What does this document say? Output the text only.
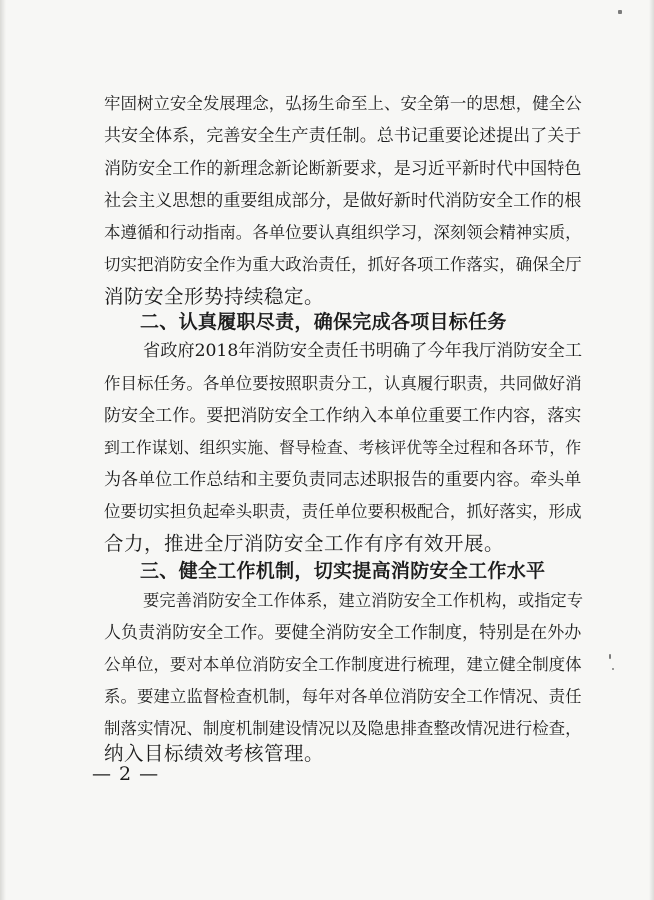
牢固树立安全发展理念，弘扬生命至上、安全第一的思想，健全公
共安全体系，完善安全生产责任制。总书记重要论述提出了关于
消防安全工作的新理念新论断新要求，是习近平新时代中国特色
社会主义思想的重要组成部分，是做好新时代消防安全工作的根
本遵循和行动指南。各单位要认真组织学习，深刻领会精神实质，
切实把消防安全作为重大政治责任，抓好各项工作落实，确保全厅
消防安全形势持续稳定。
二、认真履职尽责，确保完成各项目标任务
省政府2018年消防安全责任书明确了今年我厅消防安全工
作目标任务。各单位要按照职责分工，认真履行职责，共同做好消
防安全工作。要把消防安全工作纳入本单位重要工作内容，落实
到工作谋划、组织实施、督导检查、考核评优等全过程和各环节，作
为各单位工作总结和主要负责同志述职报告的重要内容。牵头单
位要切实担负起牵头职责，责任单位要积极配合，抓好落实，形成
合力，推进全厅消防安全工作有序有效开展。
三、健全工作机制，切实提高消防安全工作水平
要完善消防安全工作体系，建立消防安全工作机构，或指定专
人负责消防安全工作。要健全消防安全工作制度，特别是在外办
公单位，要对本单位消防安全工作制度进行梳理，建立健全制度体
系。要建立监督检查机制，每年对各单位消防安全工作情况、责任
制落实情况、制度机制建设情况以及隐患排查整改情况进行检查，
纳入目标绩效考核管理。
— 2 —
